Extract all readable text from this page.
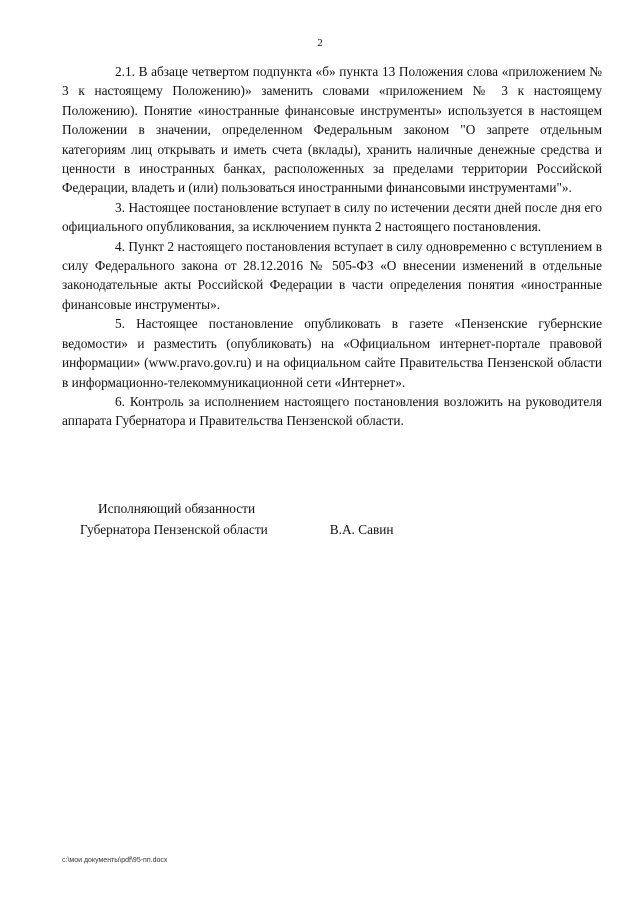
2

2.1. В абзаце четвертом подпункта «б» пункта 13 Положения слова «приложением № 3 к настоящему Положению)» заменить словами «приложением № 3 к настоящему Положению). Понятие «иностранные финансовые инструменты» используется в настоящем Положении в значении, определенном Федеральным законом "О запрете отдельным категориям лиц открывать и иметь счета (вклады), хранить наличные денежные средства и ценности в иностранных банках, расположенных за пределами территории Российской Федерации, владеть и (или) пользоваться иностранными финансовыми инструментами"».

3. Настоящее постановление вступает в силу по истечении десяти дней после дня его официального опубликования, за исключением пункта 2 настоящего постановления.

4. Пункт 2 настоящего постановления вступает в силу одновременно с вступлением в силу Федерального закона от 28.12.2016 № 505-ФЗ «О внесении изменений в отдельные законодательные акты Российской Федерации в части определения понятия «иностранные финансовые инструменты».

5. Настоящее постановление опубликовать в газете «Пензенские губернские ведомости» и разместить (опубликовать) на «Официальном интернет-портале правовой информации» (www.pravo.gov.ru) и на официальном сайте Правительства Пензенской области в информационно-телекоммуникационной сети «Интернет».

6. Контроль за исполнением настоящего постановления возложить на руководителя аппарата Губернатора и Правительства Пензенской области.

Исполняющий обязанности
Губернатора Пензенской области	В.А. Савин
c:\мои документы\pdf\95-пп.docx
